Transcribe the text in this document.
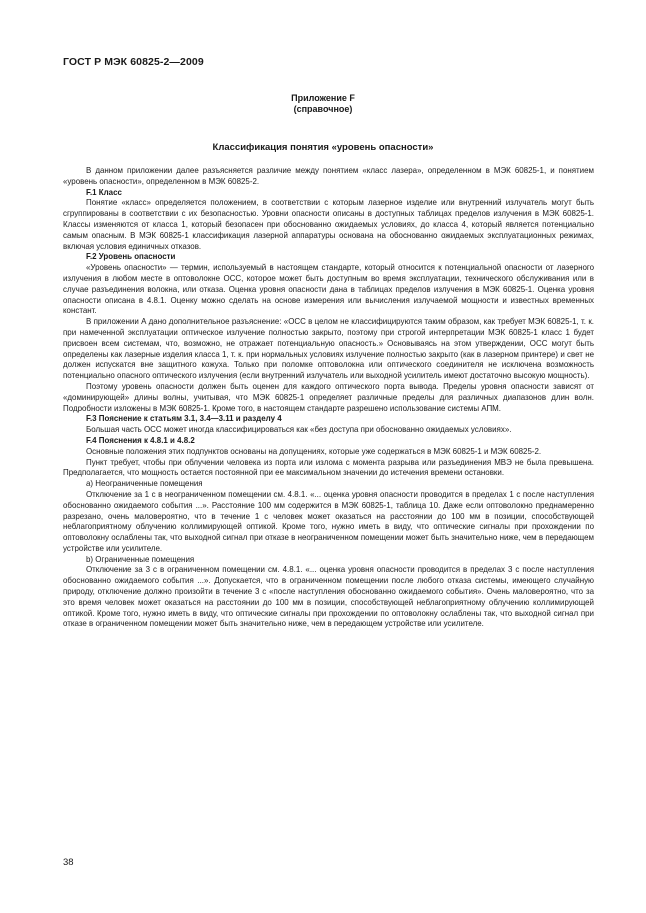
ГОСТ Р МЭК 60825-2—2009
Приложение F
(справочное)
Классификация понятия «уровень опасности»

В данном приложении далее разъясняется различие между понятием «класс лазера», определенном в МЭК 60825-1, и понятием «уровень опасности», определенном в МЭК 60825-2.

F.1 Класс

Понятие «класс» определяется положением, в соответствии с которым лазерное изделие или внутренний излучатель могут быть сгруппированы в соответствии с их безопасностью. Уровни опасности описаны в доступных таблицах пределов излучения в МЭК 60825-1. Классы изменяются от класса 1, который безопасен при обоснованно ожидаемых условиях, до класса 4, который является потенциально самым опасным. В МЭК 60825-1 классификация лазерной аппаратуры основана на обоснованно ожидаемых эксплуатационных режимах, включая условия единичных отказов.

F.2 Уровень опасности

«Уровень опасности» — термин, используемый в настоящем стандарте, который относится к потенциальной опасности от лазерного излучения в любом месте в оптоволокне ОСС, которое может быть доступным во время эксплуатации, технического обслуживания или в случае разъединения волокна, или отказа. Оценка уровня опасности дана в таблицах пределов излучения в МЭК 60825-1. Оценка уровня опасности описана в 4.8.1. Оценку можно сделать на основе измерения или вычисления излучаемой мощности и известных временных констант.

В приложении А дано дополнительное разъяснение: «ОСС в целом не классифицируются таким образом, как требует МЭК 60825-1, т. к. при намеченной эксплуатации оптическое излучение полностью закрыто, поэтому при строгой интерпретации МЭК 60825-1 класс 1 будет присвоен всем системам, что, возможно, не отражает потенциальную опасность.» Основываясь на этом утверждении, ОСС могут быть определены как лазерные изделия класса 1, т. к. при нормальных условиях излучение полностью закрыто (как в лазерном принтере) и свет не должен испускатся вне защитного кожуха. Только при поломке оптоволокна или оптического соединителя не исключена возможность потенциально опасного оптического излучения (если внутренний излучатель или выходной усилитель имеют достаточно высокую мощность).

Поэтому уровень опасности должен быть оценен для каждого оптического порта вывода. Пределы уровня опасности зависят от «доминирующей» длины волны, учитывая, что МЭК 60825-1 определяет различные пределы для различных диапазонов длин волн. Подробности изложены в МЭК 60825-1. Кроме того, в настоящем стандарте разрешено использование системы АПМ.

F.3 Пояснение к статьям 3.1, 3.4—3.11 и разделу 4

Большая часть ОСС может иногда классифицироваться как «без доступа при обоснованно ожидаемых условиях».

F.4 Пояснения к 4.8.1 и 4.8.2

Основные положения этих подпунктов основаны на допущениях, которые уже содержаться в МЭК 60825-1 и МЭК 60825-2.

Пункт требует, чтобы при облучении человека из порта или излома с момента разрыва или разъединения МВЭ не была превышена. Предполагается, что мощность остается постоянной при ее максимальном значении до истечения времени остановки.

а) Неограниченные помещения

Отключение за 1 с в неограниченном помещении см. 4.8.1. «... оценка уровня опасности проводится в пределах 1 с после наступления обоснованно ожидаемого события ...». Расстояние 100 мм содержится в МЭК 60825-1, таблица 10. Даже если оптоволокно преднамеренно разрезано, очень маловероятно, что в течение 1 с человек может оказаться на расстоянии до 100 мм в позиции, способствующей неблагоприятному облучению коллимирующей оптикой. Кроме того, нужно иметь в виду, что оптические сигналы при прохождении по оптоволокну ослаблены так, что выходной сигнал при отказе в неограниченном помещении может быть значительно ниже, чем в передающем устройстве или усилителе.

b) Ограниченные помещения

Отключение за 3 с в ограниченном помещении см. 4.8.1. «... оценка уровня опасности проводится в пределах 3 с после наступления обоснованно ожидаемого события ...». Допускается, что в ограниченном помещении после любого отказа системы, имеющего случайную природу, отключение должно произойти в течение 3 с «после наступления обоснованно ожидаемого события». Очень маловероятно, что за это время человек может оказаться на расстоянии до 100 мм в позиции, способствующей неблагоприятному облучению коллимирующей оптикой. Кроме того, нужно иметь в виду, что оптические сигналы при прохождении по оптоволокну ослаблены так, что выходной сигнал при отказе в ограниченном помещении может быть значительно ниже, чем в передающем устройстве или усилителе.

38
